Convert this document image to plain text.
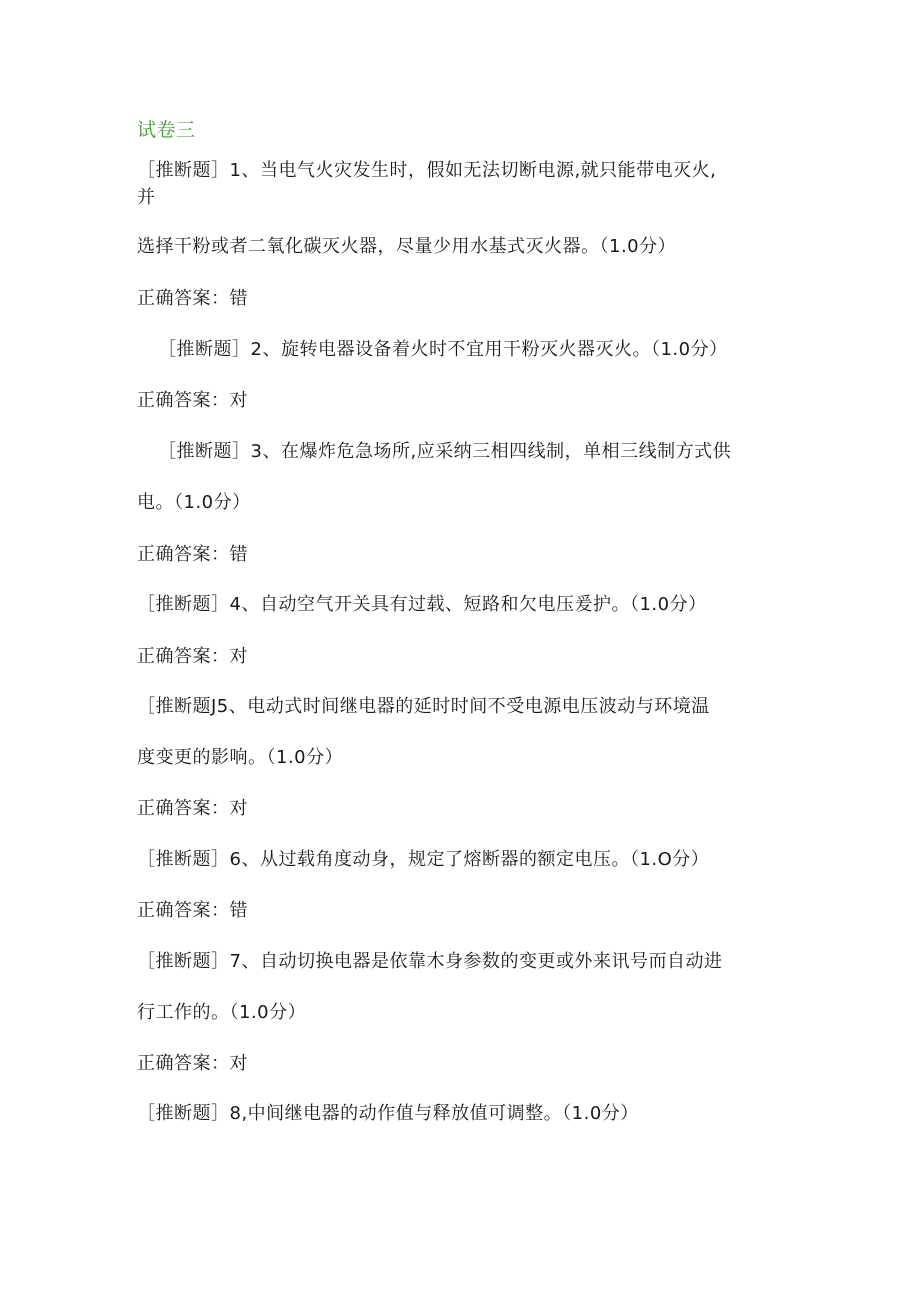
试卷三
［推断题］1、当电气火灾发生时，假如无法切断电源,就只能带电灭火,
并
选择干粉或者二氧化碳灭火器，尽量少用水基式灭火器。（1.0分）
正确答案：错
［推断题］2、旋转电器设备着火时不宜用干粉灭火器灭火。（1.0分）
正确答案：对
［推断题］3、在爆炸危急场所,应采纳三相四线制，单相三线制方式供
电。（1.0分）
正确答案：错
［推断题］4、自动空气开关具有过载、短路和欠电压爰护。（1.0分）
正确答案：对
［推断题J5、电动式时间继电器的延时时间不受电源电压波动与环境温
度变更的影响。（1.0分）
正确答案：对
［推断题］6、从过载角度动身，规定了熔断器的额定电压。（1.O分）
正确答案：错
［推断题］7、自动切换电器是依靠木身参数的变更或外来讯号而自动进
行工作的。（1.0分）
正确答案：对
［推断题］8,中间继电器的动作值与释放值可调整。（1.0分）
